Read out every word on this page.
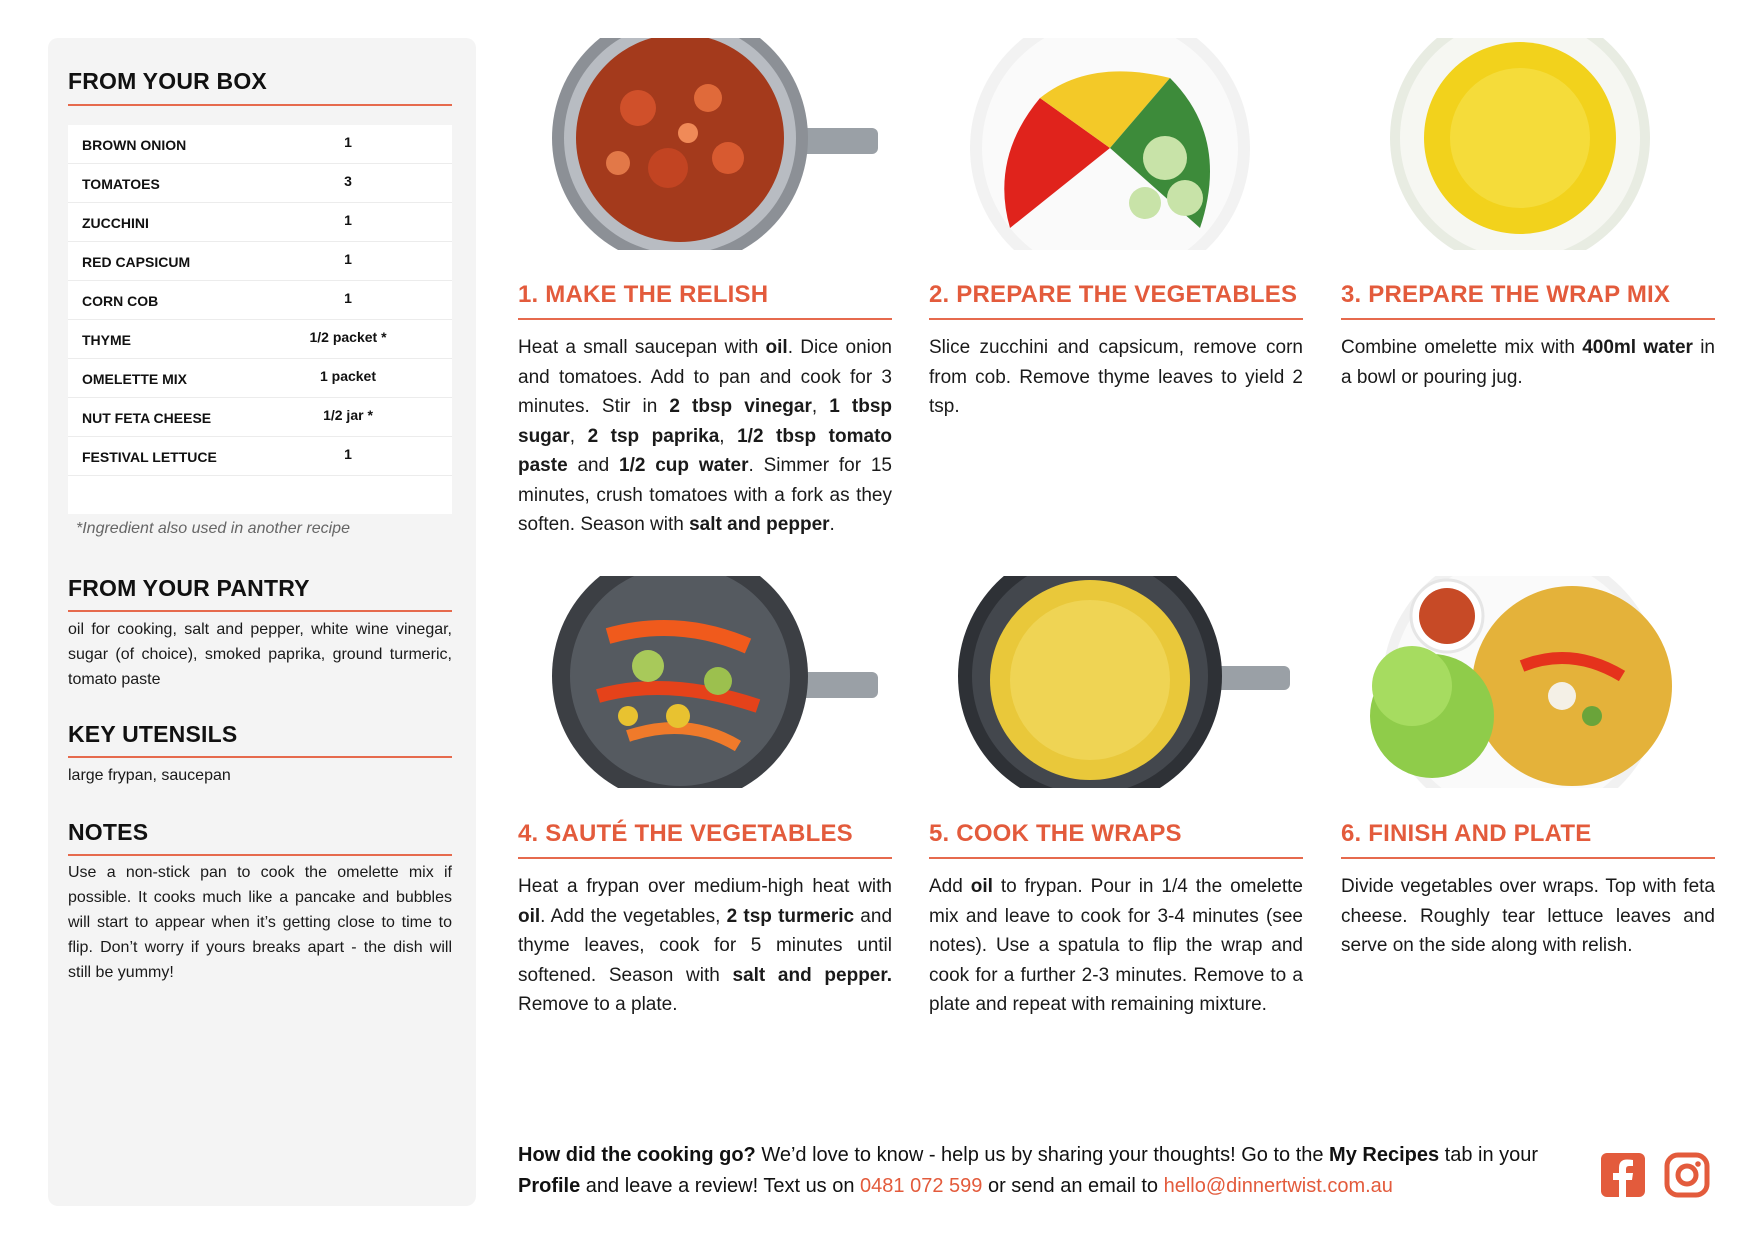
FROM YOUR BOX
BROWN ONION	1
TOMATOES	3
ZUCCHINI	1
RED CAPSICUM	1
CORN COB	1
THYME	1/2 packet *
OMELETTE MIX	1 packet
NUT FETA CHEESE	1/2 jar *
FESTIVAL LETTUCE	1
*Ingredient also used in another recipe
FROM YOUR PANTRY
oil for cooking, salt and pepper, white wine vinegar, sugar (of choice), smoked paprika, ground turmeric, tomato paste
KEY UTENSILS
large frypan, saucepan
NOTES
Use a non-stick pan to cook the omelette mix if possible. It cooks much like a pancake and bubbles will start to appear when it’s getting close to time to flip. Don’t worry if yours breaks apart - the dish will still be yummy!
1. MAKE THE RELISH
Heat a small saucepan with oil. Dice onion and tomatoes. Add to pan and cook for 3 minutes. Stir in 2 tbsp vinegar, 1 tbsp sugar, 2 tsp paprika, 1/2 tbsp tomato paste and 1/2 cup water. Simmer for 15 minutes, crush tomatoes with a fork as they soften. Season with salt and pepper.
2. PREPARE THE VEGETABLES
Slice zucchini and capsicum, remove corn from cob. Remove thyme leaves to yield 2 tsp.
3. PREPARE THE WRAP MIX
Combine omelette mix with 400ml water in a bowl or pouring jug.
4. SAUTÉ THE VEGETABLES
Heat a frypan over medium-high heat with oil. Add the vegetables, 2 tsp turmeric and thyme leaves, cook for 5 minutes until softened. Season with salt and pepper. Remove to a plate.
5. COOK THE WRAPS
Add oil to frypan. Pour in 1/4 the omelette mix and leave to cook for 3-4 minutes (see notes). Use a spatula to flip the wrap and cook for a further 2-3 minutes. Remove to a plate and repeat with remaining mixture.
6. FINISH AND PLATE
Divide vegetables over wraps. Top with feta cheese. Roughly tear lettuce leaves and serve on the side along with relish.
How did the cooking go? We’d love to know - help us by sharing your thoughts! Go to the My Recipes tab in your Profile and leave a review! Text us on 0481 072 599 or send an email to hello@dinnertwist.com.au
